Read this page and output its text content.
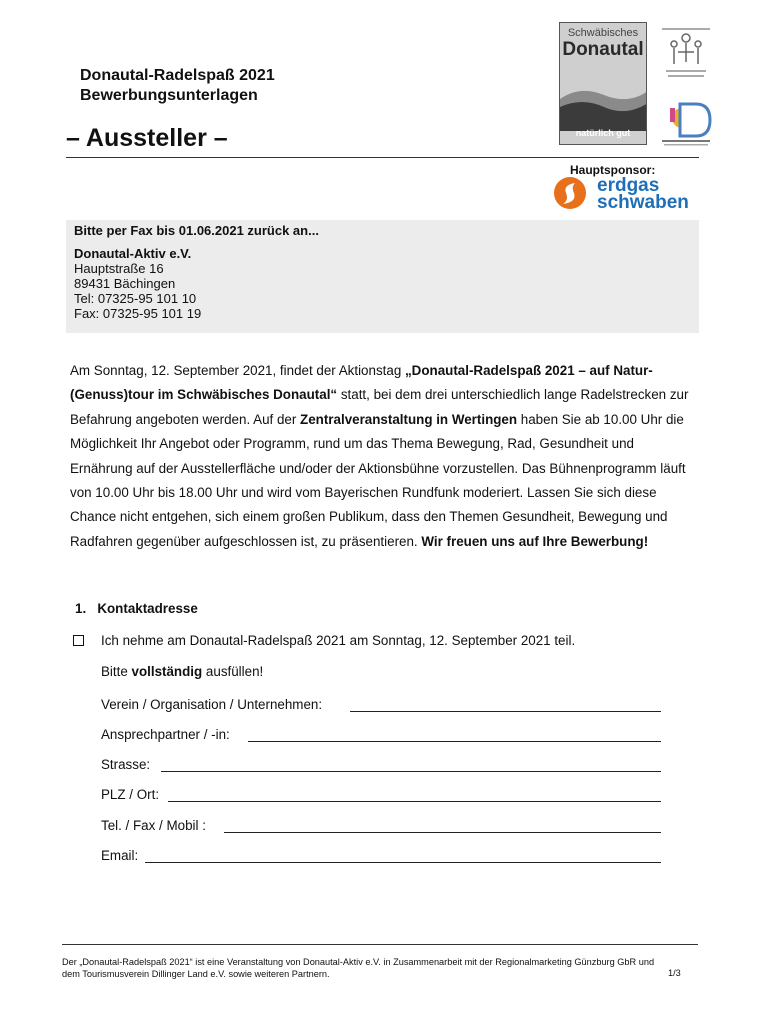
Donautal-Radelspaß 2021
Bewerbungsunterlagen
– Aussteller –
Schwäbisches
Donautal
natürlich gut
Hauptsponsor:
erdgas
schwaben
Bitte per Fax bis 01.06.2021 zurück an...
Donautal-Aktiv e.V.
Hauptstraße 16
89431 Bächingen
Tel: 07325-95 101 10
Fax: 07325-95 101 19
Am Sonntag, 12. September 2021, findet der Aktionstag „Donautal-Radelspaß 2021 – auf Natur-(Genuss)tour im Schwäbisches Donautal“ statt, bei dem drei unterschiedlich lange Radelstrecken zur Befahrung angeboten werden. Auf der Zentralveranstaltung in Wertingen haben Sie ab 10.00 Uhr die Möglichkeit Ihr Angebot oder Programm, rund um das Thema Bewegung, Rad, Gesundheit und Ernährung auf der Ausstellerfläche und/oder der Aktionsbühne vorzustellen. Das Bühnenprogramm läuft von 10.00 Uhr bis 18.00 Uhr und wird vom Bayerischen Rundfunk moderiert. Lassen Sie sich diese Chance nicht entgehen, sich einem großen Publikum, dass den Themen Gesundheit, Bewegung und Radfahren gegenüber aufgeschlossen ist, zu präsentieren. Wir freuen uns auf Ihre Bewerbung!
1.   Kontaktadresse
Ich nehme am Donautal-Radelspaß 2021 am Sonntag, 12. September 2021 teil.
Bitte vollständig ausfüllen!
Verein / Organisation / Unternehmen:
Ansprechpartner / -in:
Strasse:
PLZ / Ort:
Tel. / Fax / Mobil :
Email:
Der „Donautal-Radelspaß 2021“ ist eine Veranstaltung von Donautal-Aktiv e.V. in Zusammenarbeit mit der Regionalmarketing Günzburg GbR und dem Tourismusverein Dillinger Land e.V. sowie weiteren Partnern.	1/3
